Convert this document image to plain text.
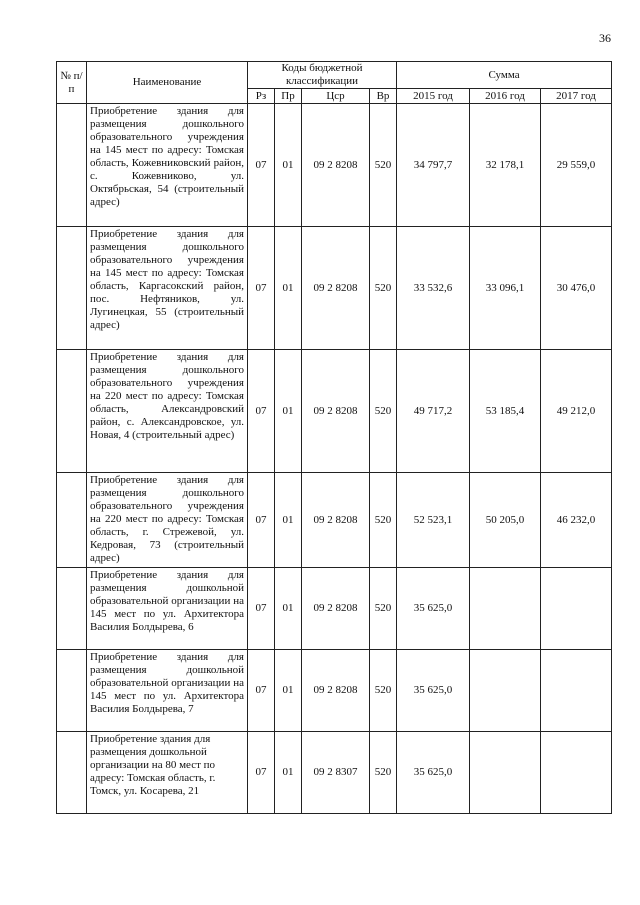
36
№ п/п	Наименование	Коды бюджетной классификации				Сумма		
		Рз	Пр	Цср	Вр	2015 год	2016 год	2017 год
	Приобретение здания для размещения дошкольного образовательного учреждения на 145 мест по адресу: Томская область, Кожевниковский район, с. Кожевниково, ул. Октябрьская, 54 (строительный адрес)	07	01	09 2 8208	520	34 797,7	32 178,1	29 559,0
	Приобретение здания для размещения дошкольного образовательного учреждения на 145 мест по адресу: Томская область, Каргасокский район, пос. Нефтяников, ул. Лугинецкая, 55 (строительный адрес)	07	01	09 2 8208	520	33 532,6	33 096,1	30 476,0
	Приобретение здания для размещения дошкольного образовательного учреждения на 220 мест по адресу: Томская область, Александровский район, с. Александровское, ул. Новая, 4 (строительный адрес)	07	01	09 2 8208	520	49 717,2	53 185,4	49 212,0
	Приобретение здания для размещения дошкольного образовательного учреждения на 220 мест по адресу: Томская область, г. Стрежевой, ул. Кедровая, 73 (строительный адрес)	07	01	09 2 8208	520	52 523,1	50 205,0	46 232,0
	Приобретение здания для размещения дошкольной образовательной организации на 145 мест по ул. Архитектора Василия Болдырева, 6	07	01	09 2 8208	520	35 625,0		
	Приобретение здания для размещения дошкольной образовательной организации на 145 мест по ул. Архитектора Василия Болдырева, 7	07	01	09 2 8208	520	35 625,0		
	Приобретение здания для размещения дошкольной организации на 80 мест по адресу: Томская область, г. Томск, ул. Косарева, 21	07	01	09 2 8307	520	35 625,0		
